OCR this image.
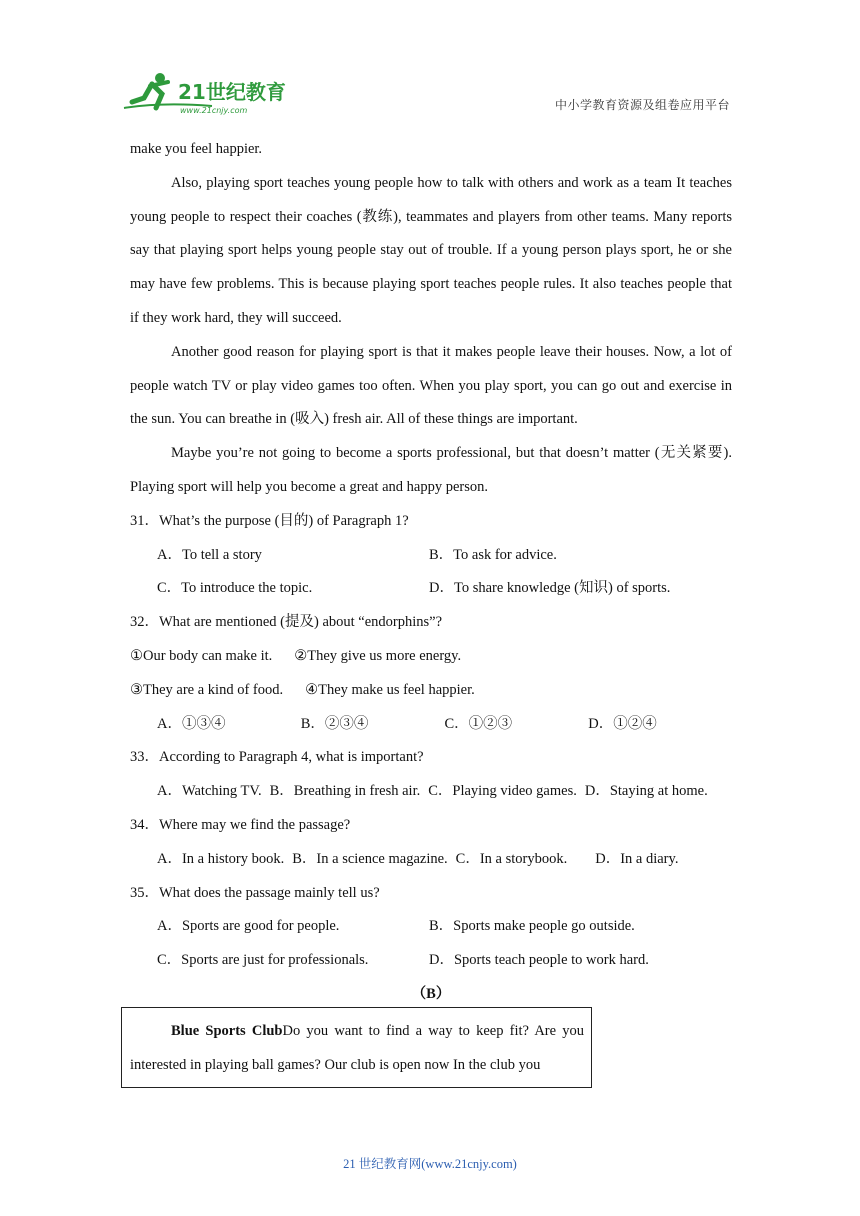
21世纪教育
www.21cnjy.com	中小学教育资源及组卷应用平台

make you feel happier.

Also, playing sport teaches young people how to talk with others and work as a team It teaches young people to respect their coaches (教练), teammates and players from other teams. Many reports say that playing sport helps young people stay out of trouble. If a young person plays sport, he or she may have few problems. This is because playing sport teaches people rules. It also teaches people that if they work hard, they will succeed.

Another good reason for playing sport is that it makes people leave their houses. Now, a lot of people watch TV or play video games too often. When you play sport, you can go out and exercise in the sun. You can breathe in (吸入) fresh air. All of these things are important.

Maybe you’re not going to become a sports professional, but that doesn’t matter (无关紧要). Playing sport will help you become a great and happy person.

31．What’s the purpose (目的) of Paragraph 1?

A．To tell a story	B．To ask for advice.
C．To introduce the topic.	D．To share knowledge (知识) of sports.

32．What are mentioned (提及) about “endorphins”?

①Our body can make it. ②They give us more energy.

③They are a kind of food. ④They make us feel happier.

A．①③④	B．②③④	C．①②③	D．①②④

33．According to Paragraph 4, what is important?

A．Watching TV. B．Breathing in fresh air. C．Playing video games. D．Staying at home.

34．Where may we find the passage?

A．In a history book. B．In a science magazine. C．In a storybook. D．In a diary.

35．What does the passage mainly tell us?

A．Sports are good for people.	B．Sports make people go outside.
C．Sports are just for professionals.	D．Sports teach people to work hard.

（B）

Blue Sports ClubDo you want to find a way to keep fit? Are you interested in playing ball games? Our club is open now In the club you

21 世纪教育网(www.21cnjy.com)
